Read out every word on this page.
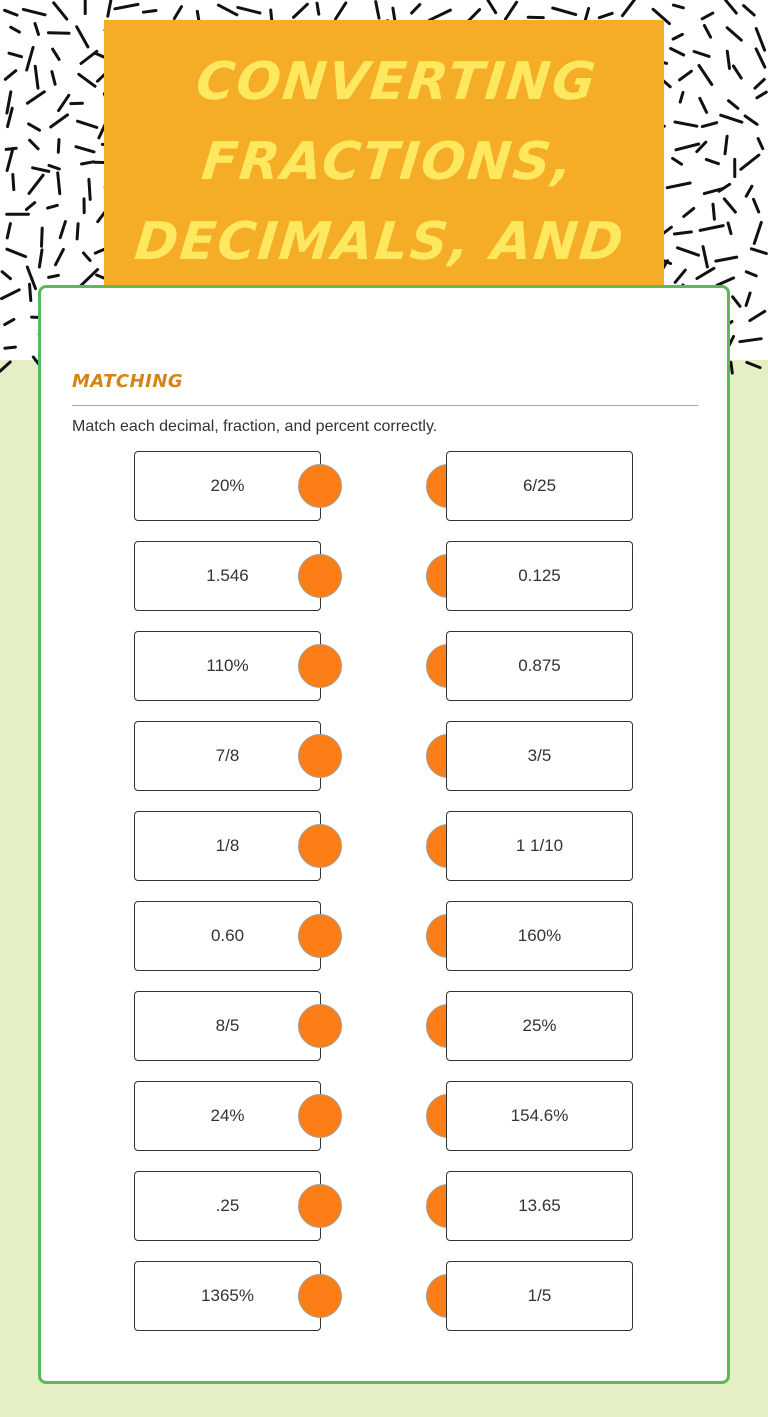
CONVERTING FRACTIONS, DECIMALS, AND
MATCHING
Match each decimal, fraction, and percent correctly.
20%	6/25
1.546	0.125
110%	0.875
7/8	3/5
1/8	1 1/10
0.60	160%
8/5	25%
24%	154.6%
.25	13.65
1365%	1/5
